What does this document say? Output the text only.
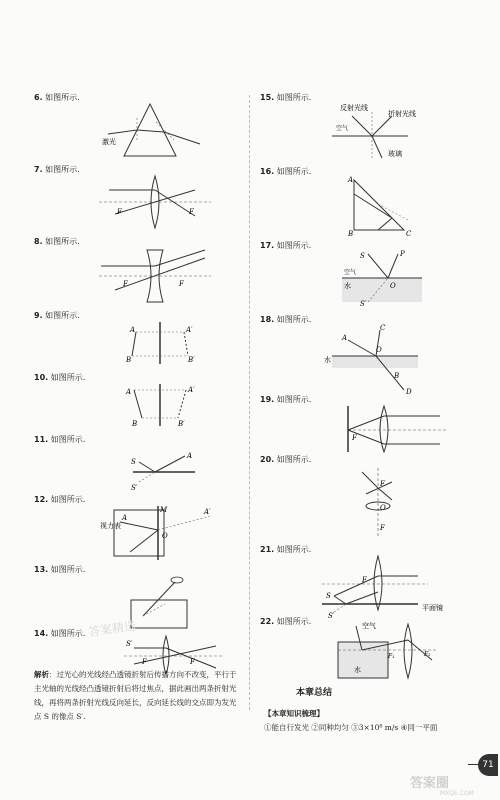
6. 如图所示.
激光
7. 如图所示.
F	F
8. 如图所示.
F	F
9. 如图所示.
A	A′
B	B′
10. 如图所示.
A	A′
B	B′
11. 如图所示.
S
A
S′
12. 如图所示.
视力表
M
A
A′
O
13. 如图所示.
14. 如图所示.
F	F
S′
解析：过光心的光线经凸透镜折射后传播方向不改变，平行于主光轴的光线经凸透镜折射后将过焦点，据此画出两条折射光线，再将两条折射光线反向延长，反向延长线的交点即为发光点 S 的像点 S′.
15. 如图所示.
反射光线
折射光线
空气
玻璃
16. 如图所示.
A
B	C
17. 如图所示.
S	P
空气
水	O
S′
18. 如图所示.
C
A
O
水
B
D
19. 如图所示.
F
20. 如图所示.
F
O
F
21. 如图所示.
S
F
S′
平面镜
22. 如图所示.	空气
F₁	F₂
水
本章总结
【本章知识梳理】
①能自行发光 ②同种均匀 ③3×10⁸ m/s ④同一平面
71
答案精选
答案圈
MXQE.COM
